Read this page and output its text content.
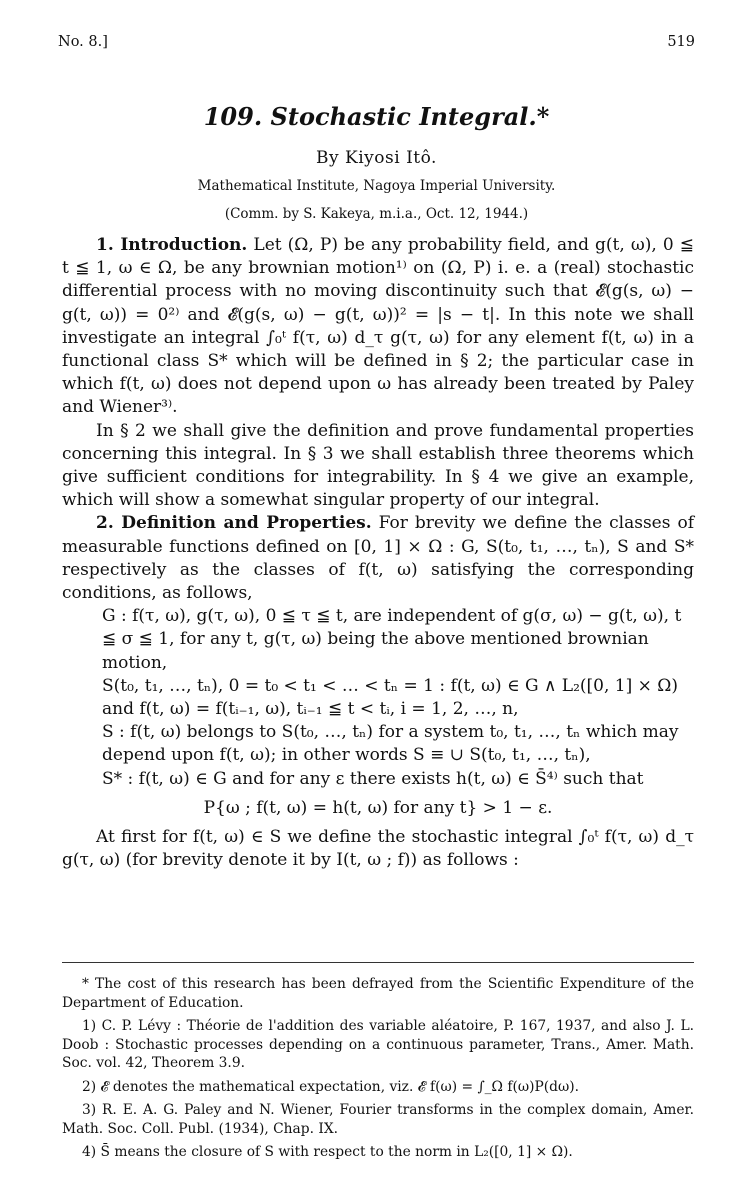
No. 8.]	519
109. Stochastic Integral.*
By Kiyosi Itô.
Mathematical Institute, Nagoya Imperial University.
(Comm. by S. Kakeya, m.i.a., Oct. 12, 1944.)

1. Introduction. Let (Ω, P) be any probability field, and g(t, ω), 0 ≦ t ≦ 1, ω ∈ Ω, be any brownian motion¹⁾ on (Ω, P) i. e. a (real) stochastic differential process with no moving discontinuity such that 𝓔(g(s, ω) − g(t, ω)) = 0²⁾ and 𝓔(g(s, ω) − g(t, ω))² = |s − t|. In this note we shall investigate an integral ∫₀ᵗ f(τ, ω) d_τ g(τ, ω) for any element f(t, ω) in a functional class S* which will be defined in § 2; the particular case in which f(t, ω) does not depend upon ω has already been treated by Paley and Wiener³⁾.

In § 2 we shall give the definition and prove fundamental properties concerning this integral. In § 3 we shall establish three theorems which give sufficient conditions for integrability. In § 4 we give an example, which will show a somewhat singular property of our integral.

2. Definition and Properties. For brevity we define the classes of measurable functions defined on [0, 1] × Ω : G, S(t₀, t₁, …, tₙ), S and S* respectively as the classes of f(t, ω) satisfying the corresponding conditions, as follows,

G : f(τ, ω), g(τ, ω), 0 ≦ τ ≦ t, are independent of g(σ, ω) − g(t, ω), t ≦ σ ≦ 1, for any t, g(τ, ω) being the above mentioned brownian motion,

S(t₀, t₁, …, tₙ), 0 = t₀ < t₁ < … < tₙ = 1 : f(t, ω) ∈ G ∧ L₂([0, 1] × Ω) and f(t, ω) = f(tᵢ₋₁, ω), tᵢ₋₁ ≦ t < tᵢ, i = 1, 2, …, n,

S : f(t, ω) belongs to S(t₀, …, tₙ) for a system t₀, t₁, …, tₙ which may depend upon f(t, ω); in other words S ≡ ∪ S(t₀, t₁, …, tₙ),

S* : f(t, ω) ∈ G and for any ε there exists h(t, ω) ∈ S̄⁴⁾ such that

P{ω ; f(t, ω) = h(t, ω) for any t} > 1 − ε.

At first for f(t, ω) ∈ S we define the stochastic integral ∫₀ᵗ f(τ, ω) d_τ g(τ, ω) (for brevity denote it by I(t, ω ; f)) as follows :

* The cost of this research has been defrayed from the Scientific Expenditure of the Department of Education.

1) C. P. Lévy : Théorie de l'addition des variable aléatoire, P. 167, 1937, and also J. L. Doob : Stochastic processes depending on a continuous parameter, Trans., Amer. Math. Soc. vol. 42, Theorem 3.9.

2) 𝓔 denotes the mathematical expectation, viz. 𝓔 f(ω) = ∫_Ω f(ω)P(dω).

3) R. E. A. G. Paley and N. Wiener, Fourier transforms in the complex domain, Amer. Math. Soc. Coll. Publ. (1934), Chap. IX.

4) S̄ means the closure of S with respect to the norm in L₂([0, 1] × Ω).
